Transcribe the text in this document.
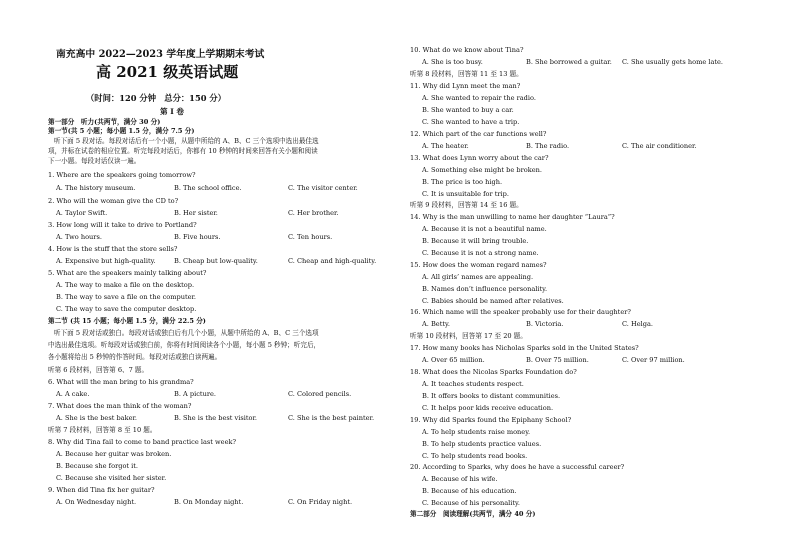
南充高中 2022—2023 学年度上学期期末考试
高 2021 级英语试题
（时间：120 分钟　总分：150 分）
第 I 卷
第一部分　听力(共两节，满分 30 分)
第一节(共 5 小题；每小题 1.5 分，满分 7.5 分)
听下面 5 段对话。每段对话后有一个小题，从题中所给的 A、B、C 三个选项中选出最佳选
项，并标在试卷的相应位置。听完每段对话后，你都有 10 秒钟的时间来回答有关小题和阅读
下一小题。每段对话仅读一遍。
1. Where are the speakers going tomorrow?
A. The history museum.	B. The school office.	C. The visitor center.
2. Who will the woman give the CD to?
A. Taylor Swift.	B. Her sister.	C. Her brother.
3. How long will it take to drive to Portland?
A. Two hours.	B. Five hours.	C. Ten hours.
4. How is the stuff that the store sells?
A. Expensive but high-quality.	B. Cheap but low-quality.	C. Cheap and high-quality.
5. What are the speakers mainly talking about?
A. The way to make a file on the desktop.
B. The way to save a file on the computer.
C. The way to save the computer desktop.
第二节 (共 15 小题；每小题 1.5 分，满分 22.5 分)
听下面 5 段对话或独白。每段对话或独白后有几个小题，从题中所给的 A、B、C 三个选项
中选出最佳选项。听每段对话或独白前，你将有时间阅读各个小题，每小题 5 秒钟；听完后，
各小题将给出 5 秒钟的作答时间。每段对话或独白读两遍。
听第 6 段材料，回答第 6、7 题。
6. What will the man bring to his grandma?
A. A cake.	B. A picture.	C. Colored pencils.
7. What does the man think of the woman?
A. She is the best baker.	B. She is the best visitor.	C. She is the best painter.
听第 7 段材料，回答第 8 至 10 题。
8. Why did Tina fail to come to band practice last week?
A. Because her guitar was broken.
B. Because she forgot it.
C. Because she visited her sister.
9. When did Tina fix her guitar?
A. On Wednesday night.	B. On Monday night.	C. On Friday night.
10. What do we know about Tina?
A. She is too busy.	B. She borrowed a guitar. C. She usually gets home late.
听第 8 段材料，回答第 11 至 13 题。
11. Why did Lynn meet the man?
A. She wanted to repair the radio.
B. She wanted to buy a car.
C. She wanted to have a trip.
12. Which part of the car functions well?
A. The heater.	B. The radio.	C. The air conditioner.
13. What does Lynn worry about the car?
A. Something else might be broken.
B. The price is too high.
C. It is unsuitable for trip.
听第 9 段材料，回答第 14 至 16 题。
14. Why is the man unwilling to name her daughter “Laura”?
A. Because it is not a beautiful name.
B. Because it will bring trouble.
C. Because it is not a strong name.
15. How does the woman regard names?
A. All girls’ names are appealing.
B. Names don’t influence personality.
C. Babies should be named after relatives.
16. Which name will the speaker probably use for their daughter?
A. Betty.	B. Victoria.	C. Helga.
听第 10 段材料，回答第 17 至 20 题。
17. How many books has Nicholas Sparks sold in the United States?
A. Over 65 million.	B. Over 75 million.	C. Over 97 million.
18. What does the Nicolas Sparks Foundation do?
A. It teaches students respect.
B. It offers books to distant communities.
C. It helps poor kids receive education.
19. Why did Sparks found the Epiphany School?
A. To help students raise money.
B. To help students practice values.
C. To help students read books.
20. According to Sparks, why does he have a successful career?
A. Because of his wife.
B. Because of his education.
C. Because of his personality.
第二部分　阅读理解(共两节，满分 40 分)
